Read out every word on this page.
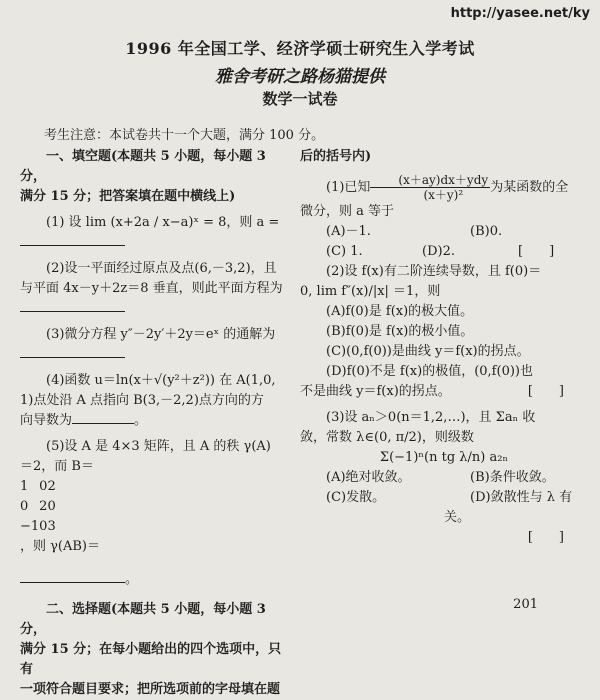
http://yasee.net/ky
1996 年全国工学、经济学硕士研究生入学考试
雅舍考研之路杨猫提供
数学一试卷
考生注意：本试卷共十一个大题，满分 100 分。

一、填空题(本题共 5 小题，每小题 3 分，

满分 15 分；把答案填在题中横线上)

(1) 设 lim (x+2a / x−a)ˣ = 8，则 a =

(2)设一平面经过原点及点(6,－3,2)，且

与平面 4x－y＋2z＝8 垂直，则此平面方程为

(3)微分方程 y″－2y′＋2y＝eˣ 的通解为

(4)函数 u＝ln(x＋√(y²＋z²)) 在 A(1,0,

1)点处沿 A 点指向 B(3,－2,2)点方向的方

向导数为	。

(5)设 A 是 4×3 矩阵，且 A 的秩 γ(A)

＝2，而 B＝

1	0	2
0	2	0
−1	0	3
，则 γ(AB)＝

。

二、选择题(本题共 5 小题，每小题 3 分，

满分 15 分；在每小题给出的四个选项中，只有

一项符合题目要求；把所选项前的字母填在题

后的括号内)

(1)已知 $\frac{\text{(x＋ay)dx＋ydy}}{\text{(x＋y)²}}$ 为某函数的全

微分，则 a 等于

(A)－1.	(B)0.

(C) 1.	(D)2.	[　　]

(2)设 f(x)有二阶连续导数，且 f(0)＝

0, lim f″(x)/|x| ＝1，则

(A)f(0)是 f(x)的极大值。

(B)f(0)是 f(x)的极小值。

(C)(0,f(0))是曲线 y＝f(x)的拐点。

(D)f(0)不是 f(x)的极值，(0,f(0))也

不是曲线 y＝f(x)的拐点。	[　　]

(3)设 aₙ＞0(n＝1,2,…)，且 Σaₙ 收

敛，常数 λ∈(0, π/2)，则级数

Σ(−1)ⁿ(n tg λ/n) a₂ₙ

(A)绝对收敛。	(B)条件收敛。

(C)发散。	(D)敛散性与 λ 有关。

[　　]

201
